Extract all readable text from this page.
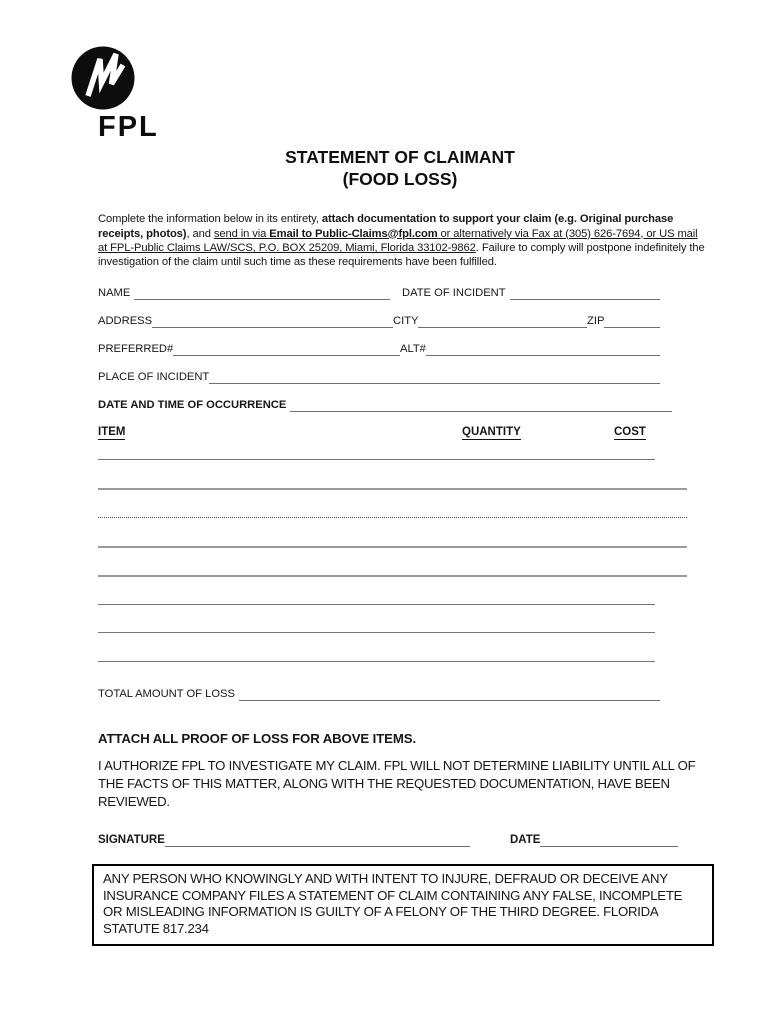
FPL
STATEMENT OF CLAIMANT
(FOOD LOSS)

Complete the information below in its entirety, attach documentation to support your claim (e.g. Original purchase receipts, photos), and send in via Email to Public-Claims@fpl.com or alternatively via Fax at (305) 626-7694, or US mail at FPL-Public Claims LAW/SCS, P.O. BOX 25209, Miami, Florida 33102-9862. Failure to comply will postpone indefinitely the investigation of the claim until such time as these requirements have been fulfilled.

NAME	DATE OF INCIDENT
ADDRESS	CITY	ZIP
PREFERRED#	ALT#
PLACE OF INCIDENT
DATE AND TIME OF OCCURRENCE
ITEM	QUANTITY	COST
TOTAL AMOUNT OF LOSS
ATTACH ALL PROOF OF LOSS FOR ABOVE ITEMS.
I AUTHORIZE FPL TO INVESTIGATE MY CLAIM. FPL WILL NOT DETERMINE LIABILITY UNTIL ALL OF THE FACTS OF THIS MATTER, ALONG WITH THE REQUESTED DOCUMENTATION, HAVE BEEN REVIEWED.
SIGNATURE	DATE
ANY PERSON WHO KNOWINGLY AND WITH INTENT TO INJURE, DEFRAUD OR DECEIVE ANY INSURANCE COMPANY FILES A STATEMENT OF CLAIM CONTAINING ANY FALSE, INCOMPLETE OR MISLEADING INFORMATION IS GUILTY OF A FELONY OF THE THIRD DEGREE. FLORIDA STATUTE 817.234
